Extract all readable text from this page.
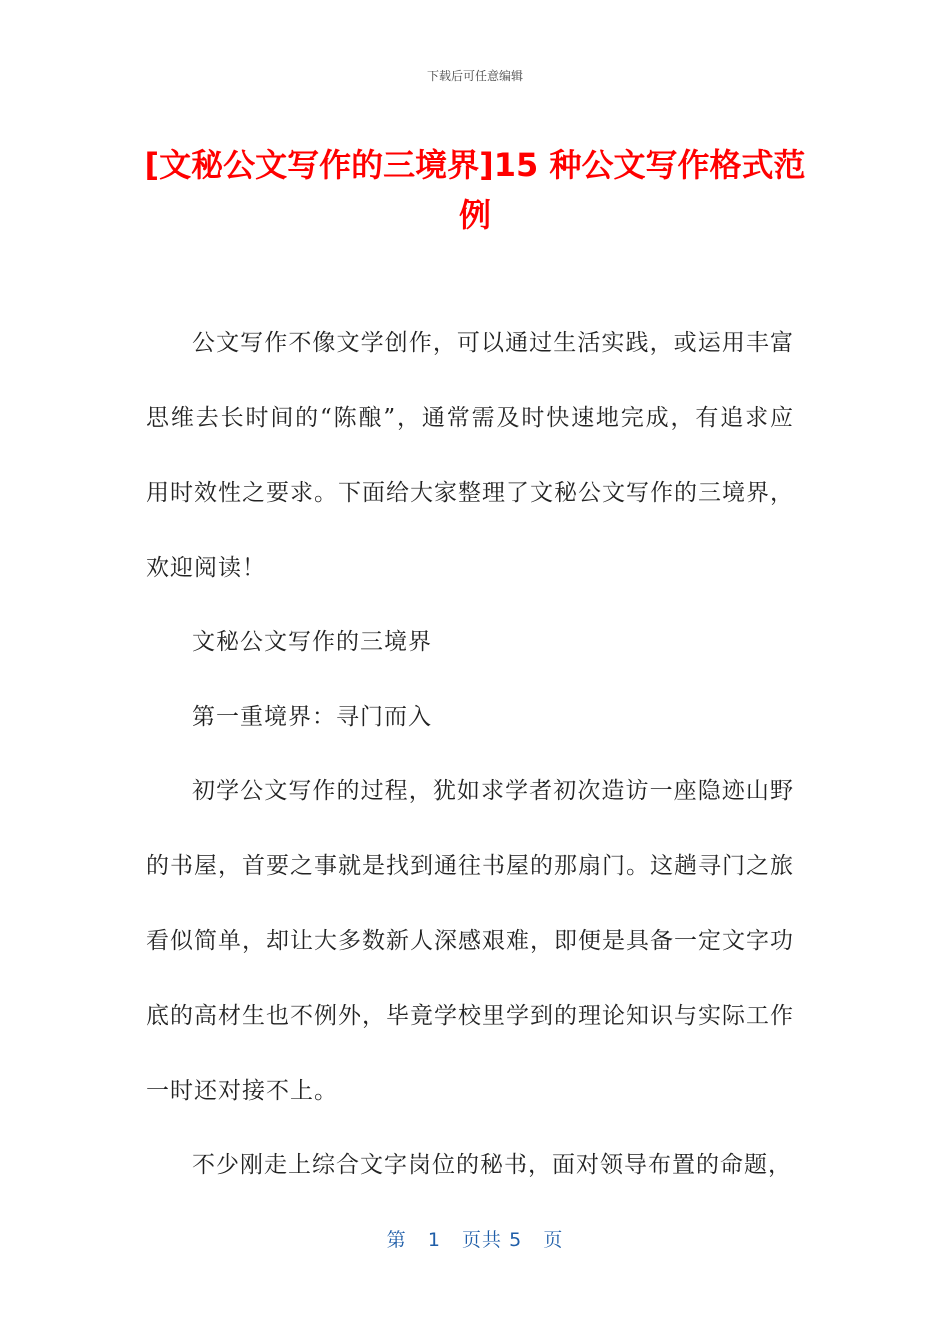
下载后可任意编辑
[文秘公文写作的三境界]15 种公文写作格式范例

公文写作不像文学创作，可以通过生活实践，或运用丰富思维去长时间的“陈酿”，通常需及时快速地完成，有追求应用时效性之要求。下面给大家整理了文秘公文写作的三境界，欢迎阅读！

文秘公文写作的三境界

第一重境界：寻门而入

初学公文写作的过程，犹如求学者初次造访一座隐迹山野的书屋，首要之事就是找到通往书屋的那扇门。这趟寻门之旅看似简单，却让大多数新人深感艰难，即便是具备一定文字功底的高材生也不例外，毕竟学校里学到的理论知识与实际工作一时还对接不上。

不少刚走上综合文字岗位的秘书，面对领导布置的命题，

第 1 页共 5 页
